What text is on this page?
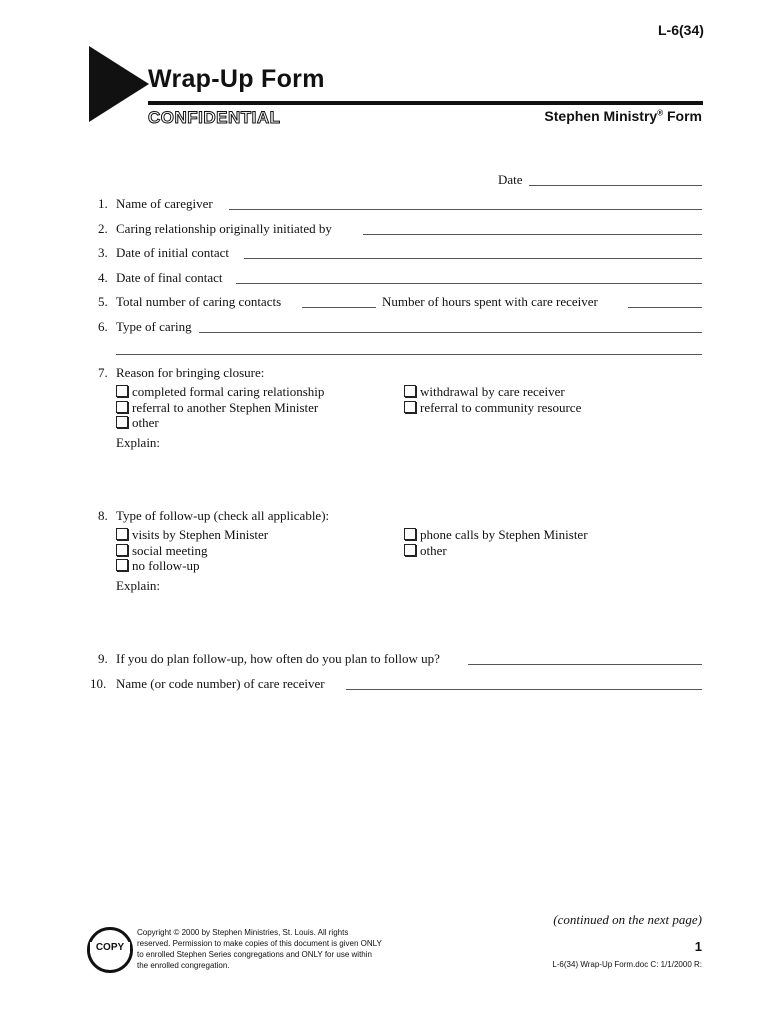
L-6(34)
Wrap-Up Form
CONFIDENTIAL	Stephen Ministry® Form
Date
1. Name of caregiver
2. Caring relationship originally initiated by
3. Date of initial contact
4. Date of final contact
5. Total number of caring contacts	Number of hours spent with care receiver
6. Type of caring
7. Reason for bringing closure:
completed formal caring relationship
referral to another Stephen Minister
other
withdrawal by care receiver
referral to community resource
Explain:
8. Type of follow-up (check all applicable):
visits by Stephen Minister
social meeting
no follow-up
phone calls by Stephen Minister
other
Explain:
9. If you do plan follow-up, how often do you plan to follow up?
10. Name (or code number) of care receiver
COPY
Copyright © 2000 by Stephen Ministries, St. Louis. All rights reserved. Permission to make copies of this document is given ONLY to enrolled Stephen Series congregations and ONLY for use within the enrolled congregation.
(continued on the next page)
1
L-6(34) Wrap-Up Form.doc C: 1/1/2000 R:
